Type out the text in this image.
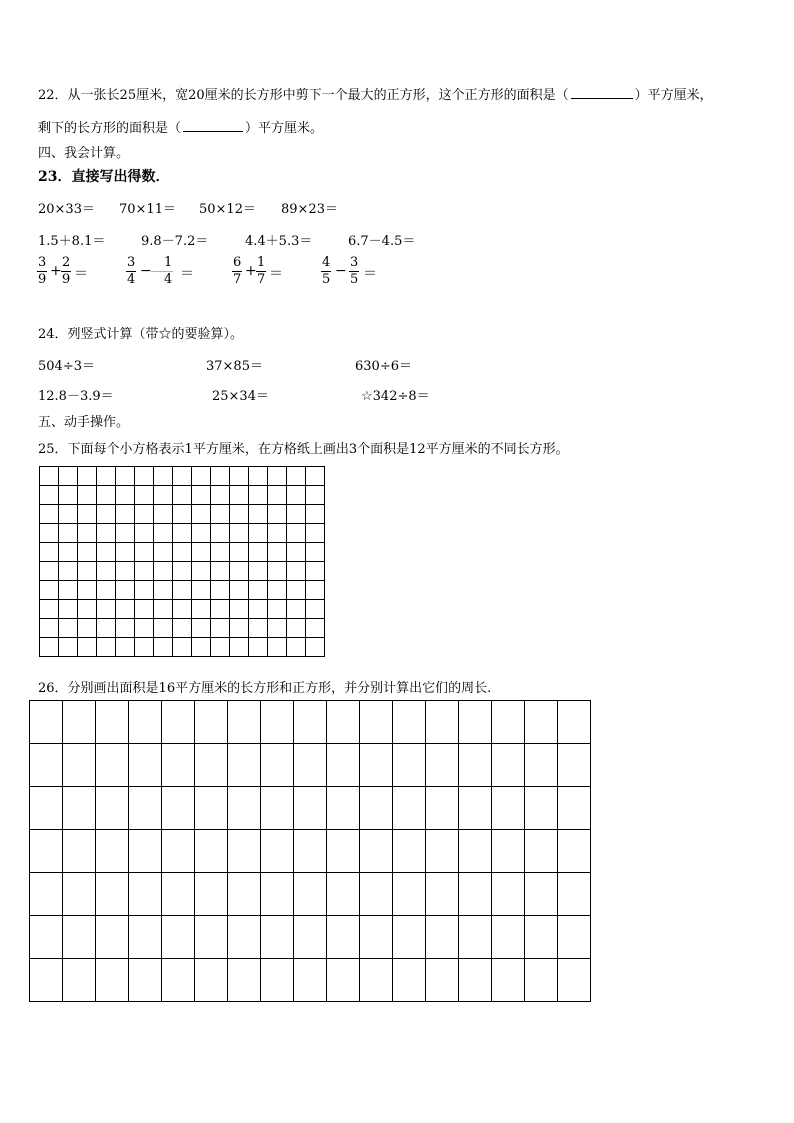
22．从一张长25厘米，宽20厘米的长方形中剪下一个最大的正方形，这个正方形的面积是（	）平方厘米，
剩下的长方形的面积是（	）平方厘米。
四、我会计算。
23．直接写出得数．
20×33＝ 70×11＝ 50×12＝ 89×23＝
1.5＋8.1＝	9.8－7.2＝	4.4＋5.3＝	6.7－4.5＝
3
9
+
2
9 ＝
3
4
−
1
4 ＝
6
7
+
1
7 ＝
4
5
−
3
5 ＝
24．列竖式计算（带☆的要验算）。
504÷3＝	37×85＝	630÷6＝
12.8－3.9＝	25×34＝	☆342÷8＝
五、动手操作。
25．下面每个小方格表示1平方厘米，在方格纸上画出3个面积是12平方厘米的不同长方形。

26．分别画出面积是16平方厘米的长方形和正方形，并分别计算出它们的周长.
